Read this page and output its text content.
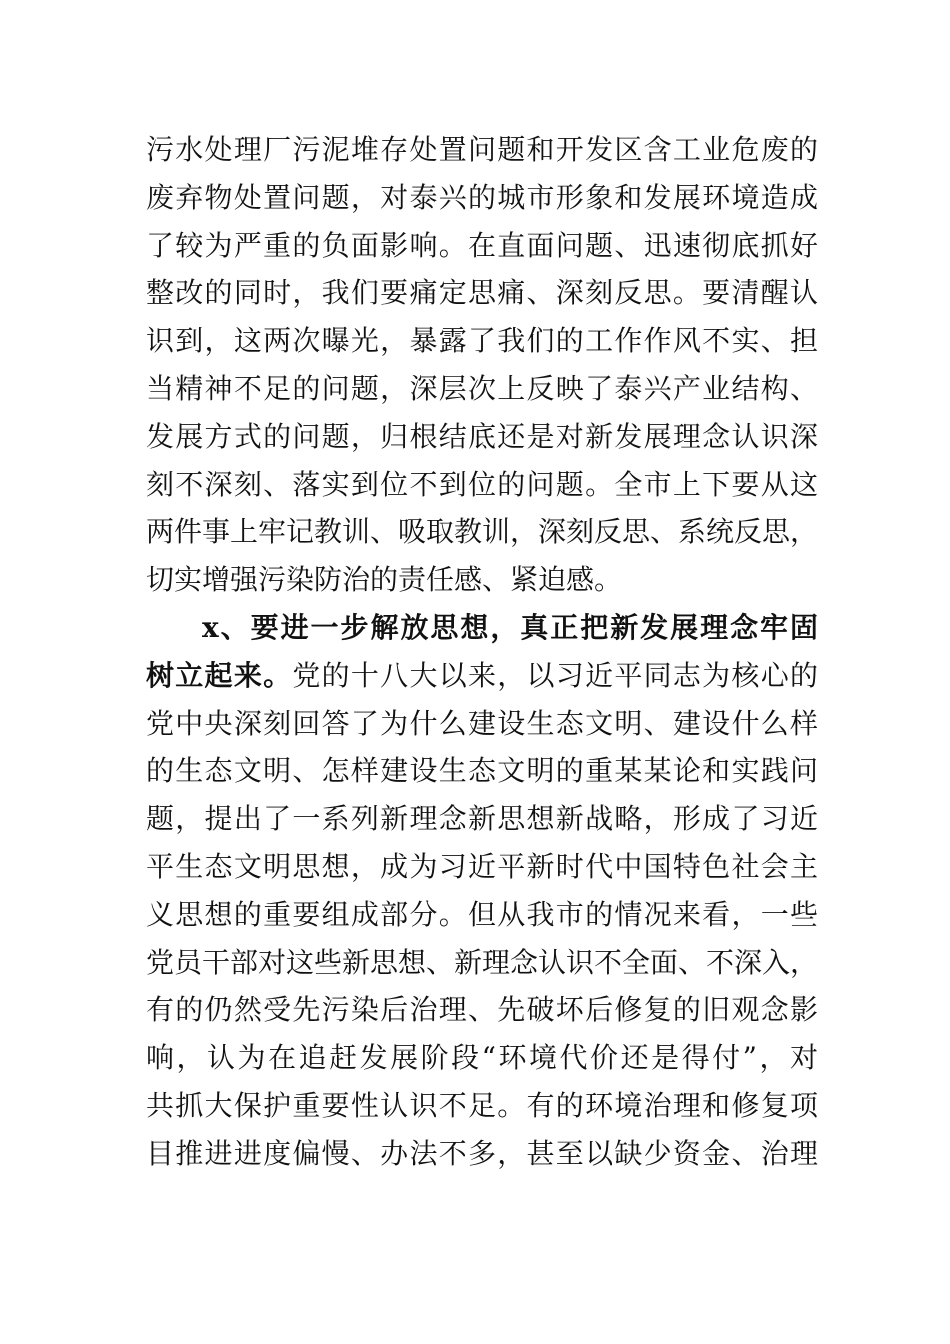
污水处理厂污泥堆存处置问题和开发区含工业危废的
废弃物处置问题，对泰兴的城市形象和发展环境造成
了较为严重的负面影响。在直面问题、迅速彻底抓好
整改的同时，我们要痛定思痛、深刻反思。要清醒认
识到，这两次曝光，暴露了我们的工作作风不实、担
当精神不足的问题，深层次上反映了泰兴产业结构、
发展方式的问题，归根结底还是对新发展理念认识深
刻不深刻、落实到位不到位的问题。全市上下要从这
两件事上牢记教训、吸取教训，深刻反思、系统反思，
切实增强污染防治的责任感、紧迫感。
x、要进一步解放思想，真正把新发展理念牢固
树立起来。党的十八大以来，以习近平同志为核心的
党中央深刻回答了为什么建设生态文明、建设什么样
的生态文明、怎样建设生态文明的重某某论和实践问
题，提出了一系列新理念新思想新战略，形成了习近
平生态文明思想，成为习近平新时代中国特色社会主
义思想的重要组成部分。但从我市的情况来看，一些
党员干部对这些新思想、新理念认识不全面、不深入，
有的仍然受先污染后治理、先破坏后修复的旧观念影
响，认为在追赶发展阶段“环境代价还是得付”，对
共抓大保护重要性认识不足。有的环境治理和修复项
目推进进度偏慢、办法不多，甚至以缺少资金、治理
